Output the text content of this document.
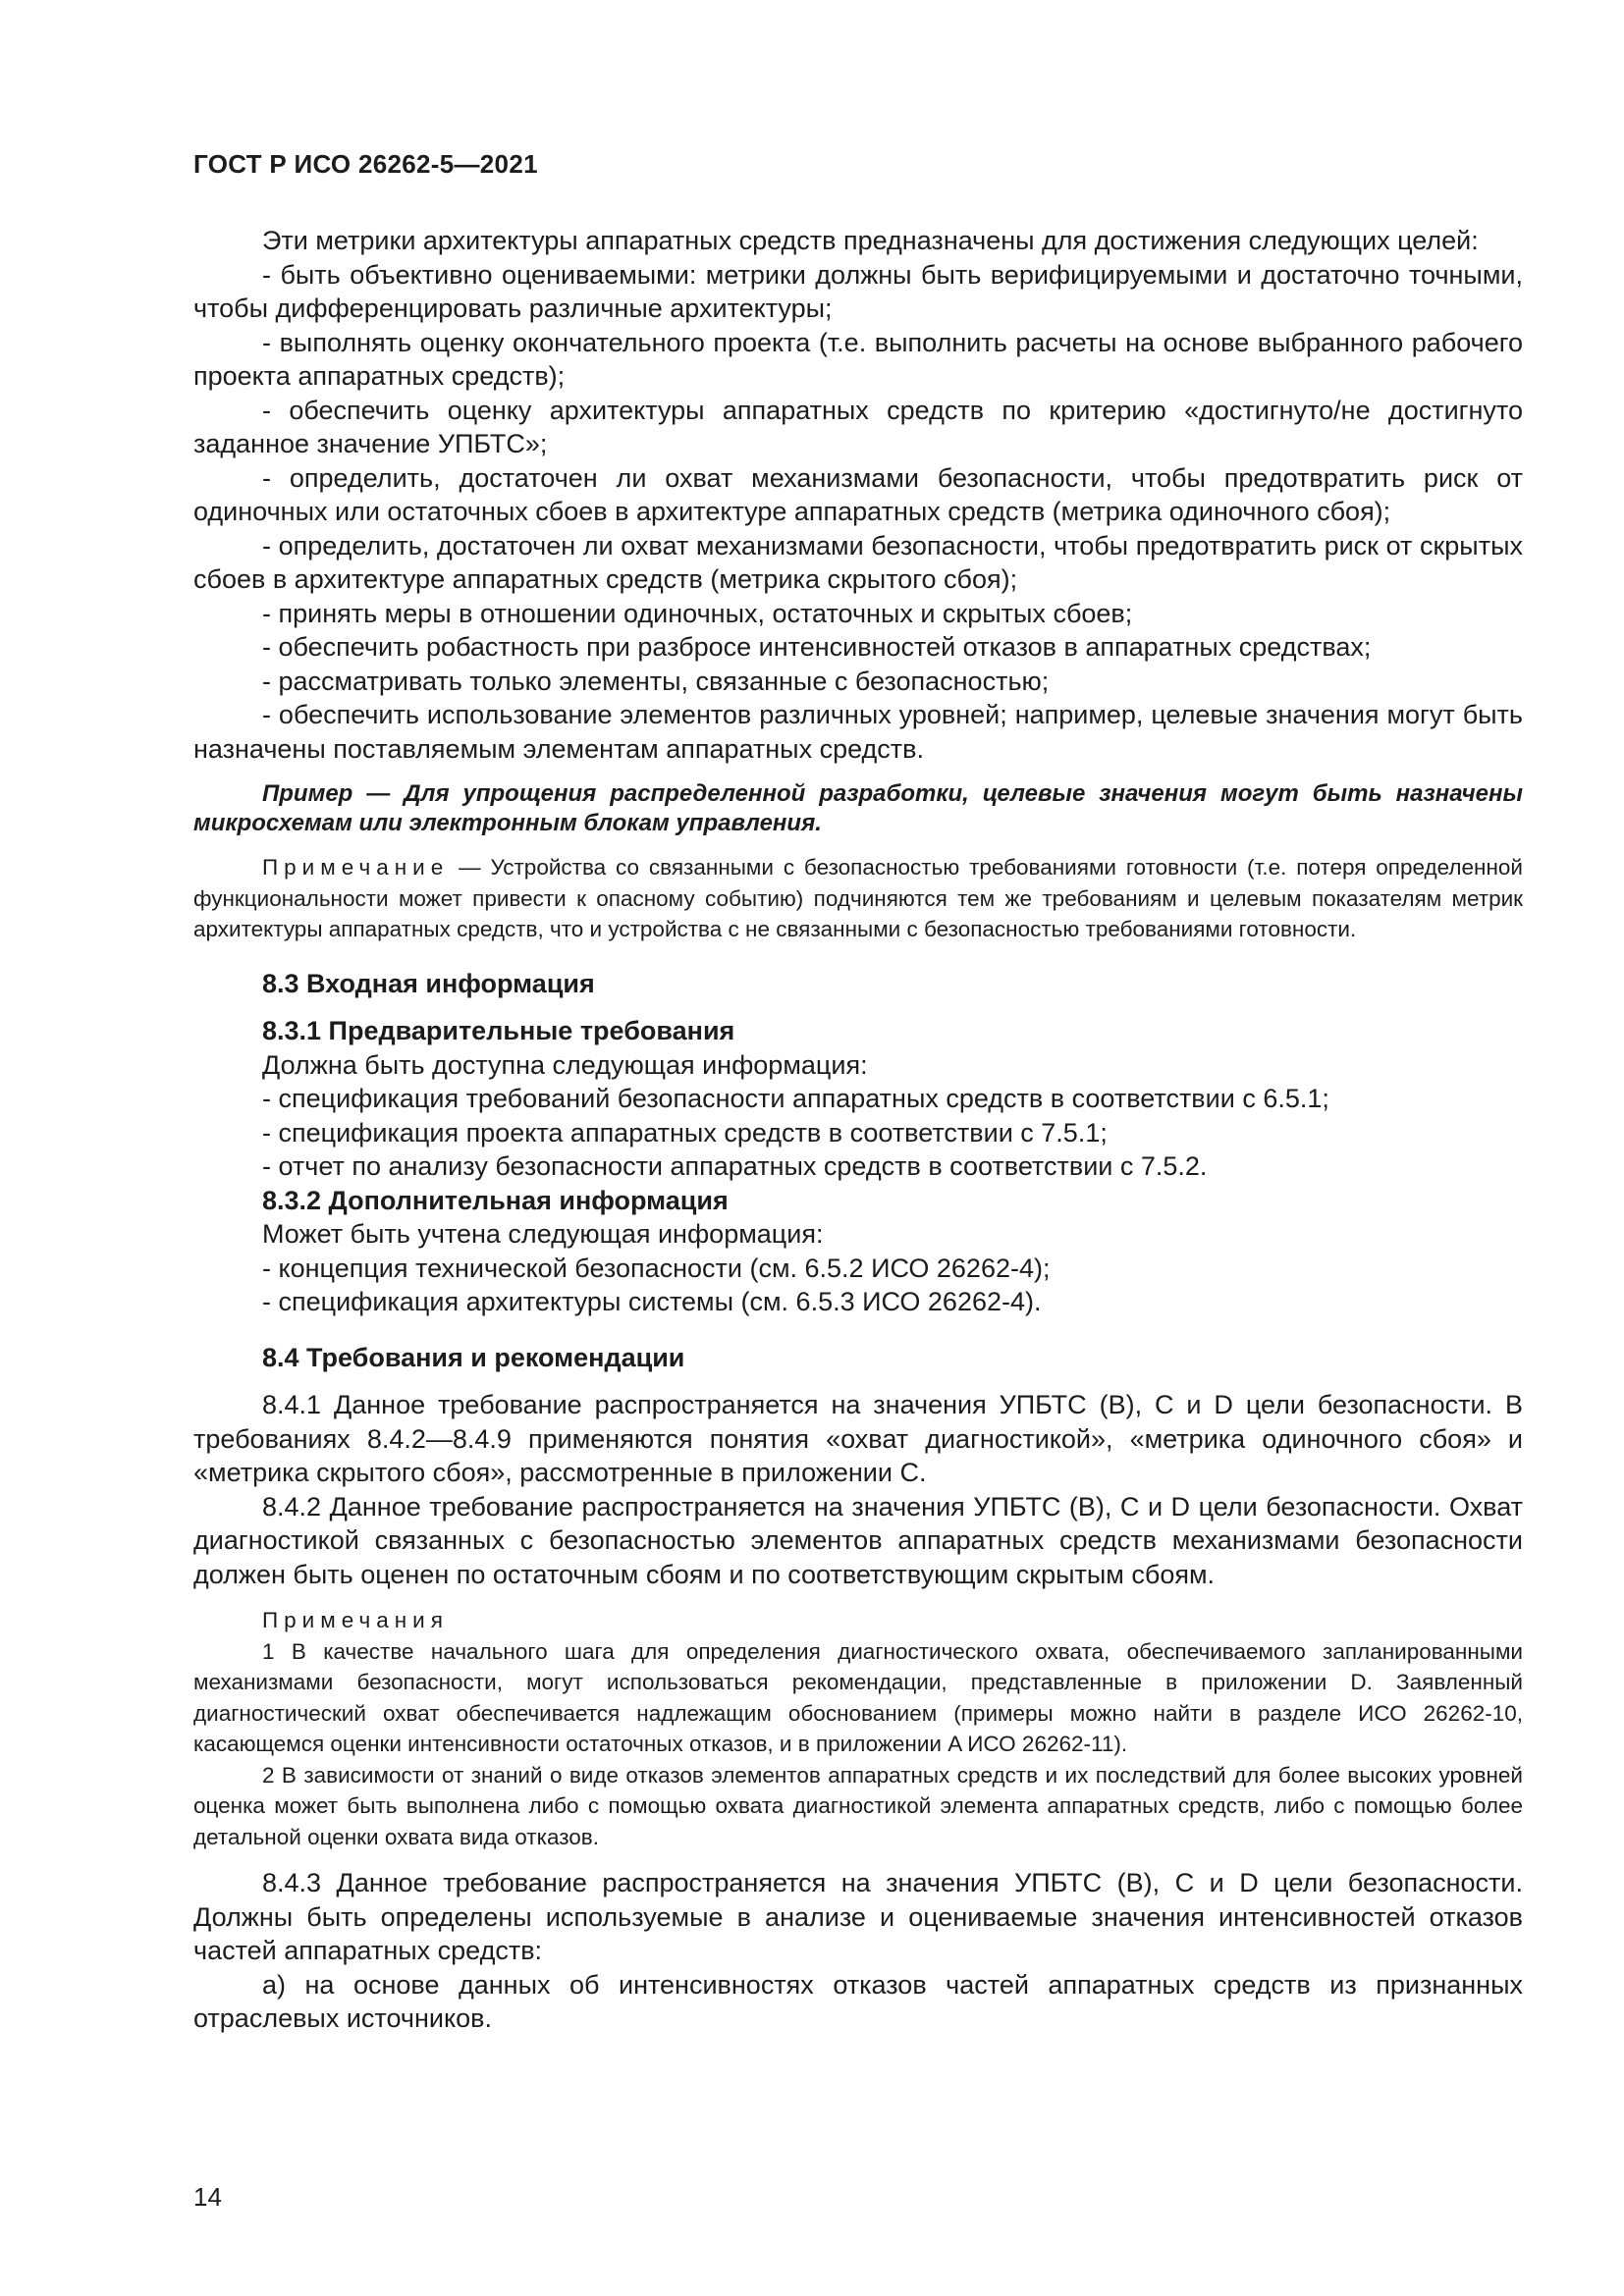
ГОСТ Р ИСО 26262-5—2021

Эти метрики архитектуры аппаратных средств предназначены для достижения следующих целей:

- быть объективно оцениваемыми: метрики должны быть верифицируемыми и достаточно точными, чтобы дифференцировать различные архитектуры;

- выполнять оценку окончательного проекта (т.е. выполнить расчеты на основе выбранного рабочего проекта аппаратных средств);

- обеспечить оценку архитектуры аппаратных средств по критерию «достигнуто/не достигнуто заданное значение УПБТС»;

- определить, достаточен ли охват механизмами безопасности, чтобы предотвратить риск от одиночных или остаточных сбоев в архитектуре аппаратных средств (метрика одиночного сбоя);

- определить, достаточен ли охват механизмами безопасности, чтобы предотвратить риск от скрытых сбоев в архитектуре аппаратных средств (метрика скрытого сбоя);

- принять меры в отношении одиночных, остаточных и скрытых сбоев;

- обеспечить робастность при разбросе интенсивностей отказов в аппаратных средствах;

- рассматривать только элементы, связанные с безопасностью;

- обеспечить использование элементов различных уровней; например, целевые значения могут быть назначены поставляемым элементам аппаратных средств.

Пример — Для упрощения распределенной разработки, целевые значения могут быть назначены микросхемам или электронным блокам управления.

Примечание — Устройства со связанными с безопасностью требованиями готовности (т.е. потеря определенной функциональности может привести к опасному событию) подчиняются тем же требованиям и целевым показателям метрик архитектуры аппаратных средств, что и устройства с не связанными с безопасностью требованиями готовности.

8.3 Входная информация

8.3.1 Предварительные требования

Должна быть доступна следующая информация:

- спецификация требований безопасности аппаратных средств в соответствии с 6.5.1;

- спецификация проекта аппаратных средств в соответствии с 7.5.1;

- отчет по анализу безопасности аппаратных средств в соответствии с 7.5.2.

8.3.2 Дополнительная информация

Может быть учтена следующая информация:

- концепция технической безопасности (см. 6.5.2 ИСО 26262-4);

- спецификация архитектуры системы (см. 6.5.3 ИСО 26262-4).

8.4 Требования и рекомендации

8.4.1 Данное требование распространяется на значения УПБТС (B), C и D цели безопасности. В требованиях 8.4.2—8.4.9 применяются понятия «охват диагностикой», «метрика одиночного сбоя» и «метрика скрытого сбоя», рассмотренные в приложении C.

8.4.2 Данное требование распространяется на значения УПБТС (B), C и D цели безопасности. Охват диагностикой связанных с безопасностью элементов аппаратных средств механизмами безопасности должен быть оценен по остаточным сбоям и по соответствующим скрытым сбоям.

Примечания

1 В качестве начального шага для определения диагностического охвата, обеспечиваемого запланированными механизмами безопасности, могут использоваться рекомендации, представленные в приложении D. Заявленный диагностический охват обеспечивается надлежащим обоснованием (примеры можно найти в разделе ИСО 26262-10, касающемся оценки интенсивности остаточных отказов, и в приложении A ИСО 26262-11).

2 В зависимости от знаний о виде отказов элементов аппаратных средств и их последствий для более высоких уровней оценка может быть выполнена либо с помощью охвата диагностикой элемента аппаратных средств, либо с помощью более детальной оценки охвата вида отказов.

8.4.3 Данное требование распространяется на значения УПБТС (B), C и D цели безопасности. Должны быть определены используемые в анализе и оцениваемые значения интенсивностей отказов частей аппаратных средств:

а) на основе данных об интенсивностях отказов частей аппаратных средств из признанных отраслевых источников.

14
